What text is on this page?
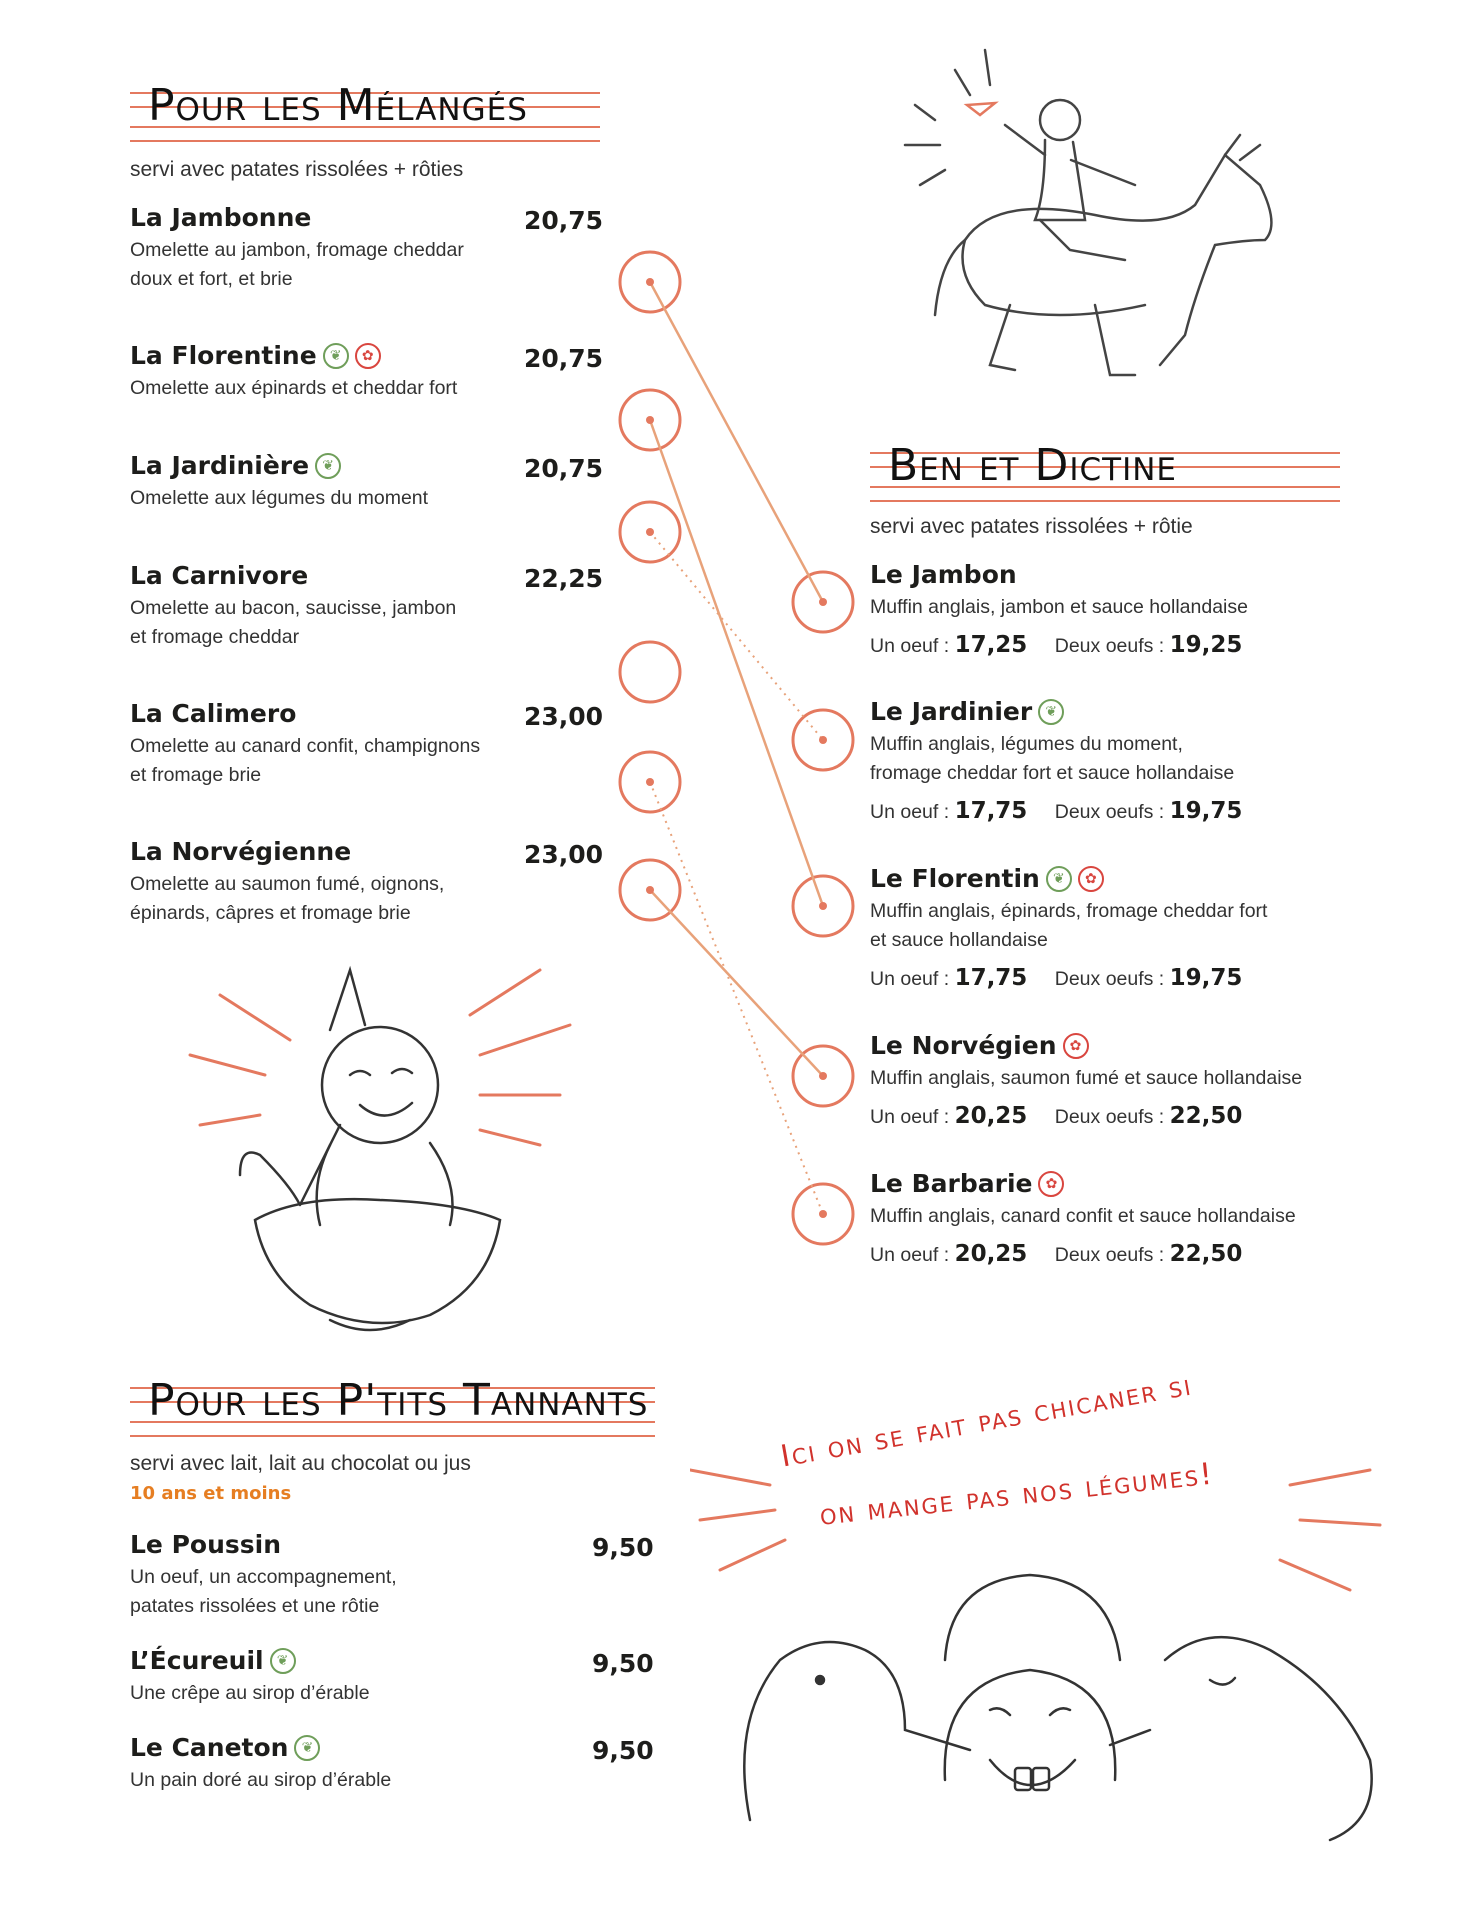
Pour les Mélangés
servi avec patates rissolées + rôties
La Jambonne
Omelette au jambon, fromage cheddar
doux et fort, et brie
20,75
La Florentine ❦	✿
Omelette aux épinards et cheddar fort
20,75
La Jardinière ❦
Omelette aux légumes du moment
20,75
La Carnivore
Omelette au bacon, saucisse, jambon
et fromage cheddar
22,25
La Calimero
Omelette au canard confit, champignons
et fromage brie
23,00
La Norvégienne
Omelette au saumon fumé, oignons,
épinards, câpres et fromage brie
23,00
Ben et Dictine
servi avec patates rissolées + rôtie
Le Jambon
Muffin anglais, jambon et sauce hollandaise
Un oeuf : 17,25 Deux oeufs : 19,25
Le Jardinier ❦
Muffin anglais, légumes du moment,
fromage cheddar fort et sauce hollandaise
Un oeuf : 17,75 Deux oeufs : 19,75
Le Florentin ❦	✿
Muffin anglais, épinards, fromage cheddar fort
et sauce hollandaise
Un oeuf : 17,75 Deux oeufs : 19,75
Le Norvégien ✿
Muffin anglais, saumon fumé et sauce hollandaise
Un oeuf : 20,25 Deux oeufs : 22,50
Le Barbarie ✿
Muffin anglais, canard confit et sauce hollandaise
Un oeuf : 20,25 Deux oeufs : 22,50
Pour les P'tits Tannants
servi avec lait, lait au chocolat ou jus
10 ans et moins
Le Poussin
Un oeuf, un accompagnement,
patates rissolées et une rôtie
9,50
L’Écureuil ❦
Une crêpe au sirop d’érable
9,50
Le Caneton ❦
Un pain doré au sirop d’érable
9,50
Ici on se fait pas chicaner si
on mange pas nos légumes!
